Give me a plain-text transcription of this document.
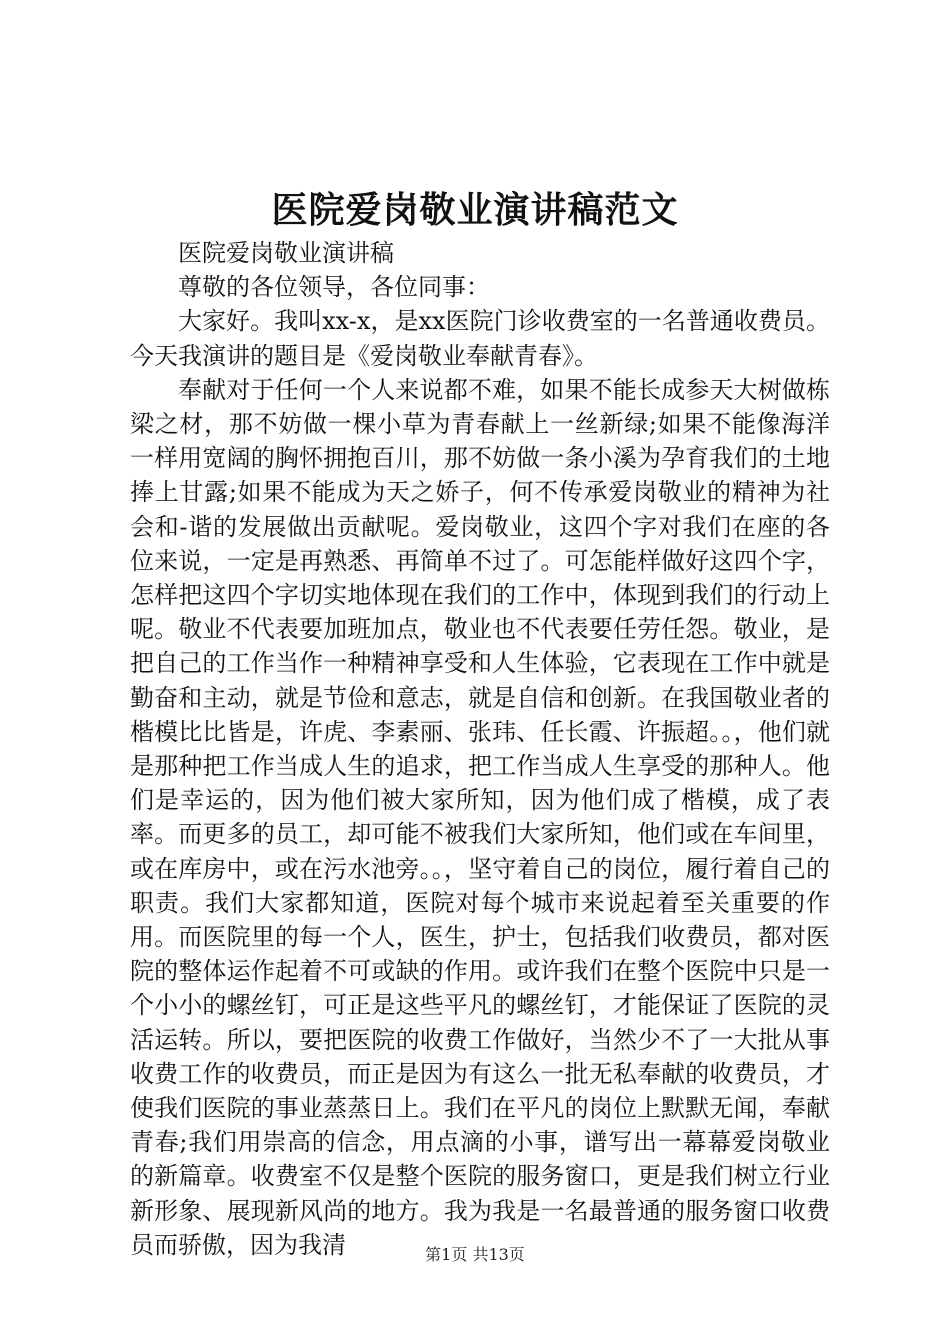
医院爱岗敬业演讲稿范文

医院爱岗敬业演讲稿

尊敬的各位领导，各位同事：

大家好。我叫xx-x，是xx医院门诊收费室的一名普通收费员。今天我演讲的题目是《爱岗敬业奉献青春》。

奉献对于任何一个人来说都不难，如果不能长成参天大树做栋梁之材，那不妨做一棵小草为青春献上一丝新绿;如果不能像海洋一样用宽阔的胸怀拥抱百川，那不妨做一条小溪为孕育我们的土地捧上甘露;如果不能成为天之娇子，何不传承爱岗敬业的精神为社会和-谐的发展做出贡献呢。爱岗敬业，这四个字对我们在座的各位来说，一定是再熟悉、再简单不过了。可怎能样做好这四个字，怎样把这四个字切实地体现在我们的工作中，体现到我们的行动上呢。敬业不代表要加班加点，敬业也不代表要任劳任怨。敬业，是把自己的工作当作一种精神享受和人生体验，它表现在工作中就是勤奋和主动，就是节俭和意志，就是自信和创新。在我国敬业者的楷模比比皆是，许虎、李素丽、张玮、任长霞、许振超。。，他们就是那种把工作当成人生的追求，把工作当成人生享受的那种人。他们是幸运的，因为他们被大家所知，因为他们成了楷模，成了表率。而更多的员工，却可能不被我们大家所知，他们或在车间里，或在库房中，或在污水池旁。。，坚守着自己的岗位，履行着自己的职责。我们大家都知道，医院对每个城市来说起着至关重要的作用。而医院里的每一个人，医生，护士，包括我们收费员，都对医院的整体运作起着不可或缺的作用。或许我们在整个医院中只是一个小小的螺丝钉，可正是这些平凡的螺丝钉，才能保证了医院的灵活运转。所以，要把医院的收费工作做好，当然少不了一大批从事收费工作的收费员，而正是因为有这么一批无私奉献的收费员，才使我们医院的事业蒸蒸日上。我们在平凡的岗位上默默无闻，奉献青春;我们用崇高的信念，用点滴的小事，谱写出一幕幕爱岗敬业的新篇章。收费室不仅是整个医院的服务窗口，更是我们树立行业新形象、展现新风尚的地方。我为我是一名最普通的服务窗口收费员而骄傲，因为我清	第1页 共13页
